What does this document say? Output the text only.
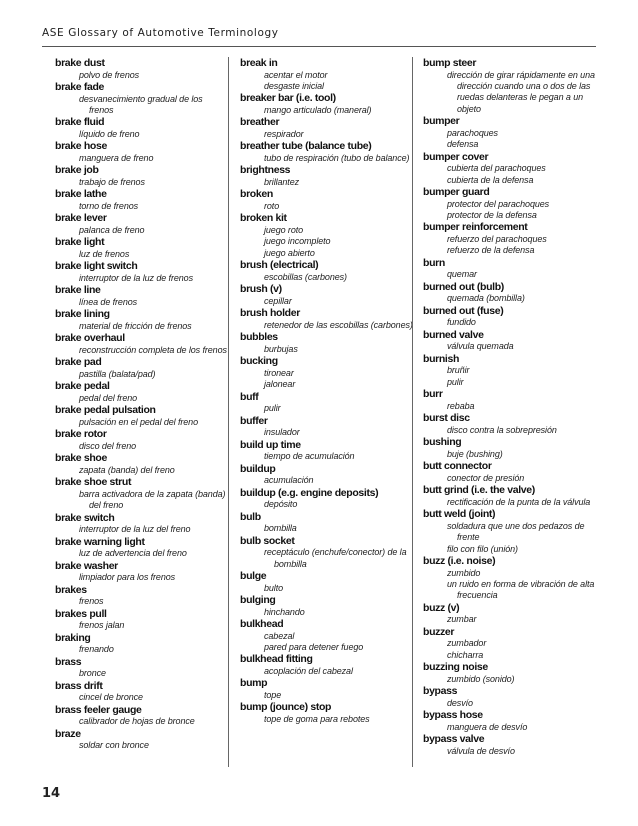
ASE Glossary of Automotive Terminology
brake dust
polvo de frenos
brake fade
desvanecimiento gradual de los frenos
brake fluid
líquido de freno
brake hose
manguera de freno
brake job
trabajo de frenos
brake lathe
torno de frenos
brake lever
palanca de freno
brake light
luz de frenos
brake light switch
interruptor de la luz de frenos
brake line
línea de frenos
brake lining
material de fricción de frenos
brake overhaul
reconstrucción completa de los frenos
brake pad
pastilla (balata/pad)
brake pedal
pedal del freno
brake pedal pulsation
pulsación en el pedal del freno
brake rotor
disco del freno
brake shoe
zapata (banda) del freno
brake shoe strut
barra activadora de la zapata (banda) del freno
brake switch
interruptor de la luz del freno
brake warning light
luz de advertencia del freno
brake washer
limpiador para los frenos
brakes
frenos
brakes pull
frenos jalan
braking
frenando
brass
bronce
brass drift
cincel de bronce
brass feeler gauge
calibrador de hojas de bronce
braze
soldar con bronce
break in
acentar el motor
desgaste inicial
breaker bar (i.e. tool)
mango articulado (maneral)
breather
respirador
breather tube (balance tube)
tubo de respiración (tubo de balance)
brightness
brillantez
broken
roto
broken kit
juego roto
juego incompleto
juego abierto
brush (electrical)
escobillas (carbones)
brush (v)
cepillar
brush holder
retenedor de las escobillas (carbones)
bubbles
burbujas
bucking
tironear
jalonear
buff
pulir
buffer
insulador
build up time
tiempo de acumulación
buildup
acumulación
buildup (e.g. engine deposits)
depósito
bulb
bombilla
bulb socket
receptáculo (enchufe/conector) de la bombilla
bulge
bulto
bulging
hinchando
bulkhead
cabezal
pared para detener fuego
bulkhead fitting
acoplación del cabezal
bump
tope
bump (jounce) stop
tope de goma para rebotes
bump steer
dirección de girar rápidamente en una dirección cuando una o dos de las ruedas delanteras le pegan a un objeto
bumper
parachoques
defensa
bumper cover
cubierta del parachoques
cubierta de la defensa
bumper guard
protector del parachoques
protector de la defensa
bumper reinforcement
refuerzo del parachoques
refuerzo de la defensa
burn
quemar
burned out (bulb)
quemada (bombilla)
burned out (fuse)
fundido
burned valve
válvula quemada
burnish
bruñir
pulir
burr
rebaba
burst disc
disco contra la sobrepresión
bushing
buje (bushing)
butt connector
conector de presión
butt grind (i.e. the valve)
rectificación de la punta de la válvula
butt weld (joint)
soldadura que une dos pedazos de frente
filo con filo (unión)
buzz (i.e. noise)
zumbido
un ruido en forma de vibración de alta frecuencia
buzz (v)
zumbar
buzzer
zumbador
chicharra
buzzing noise
zumbido (sonido)
bypass
desvío
bypass hose
manguera de desvío
bypass valve
válvula de desvío
14
